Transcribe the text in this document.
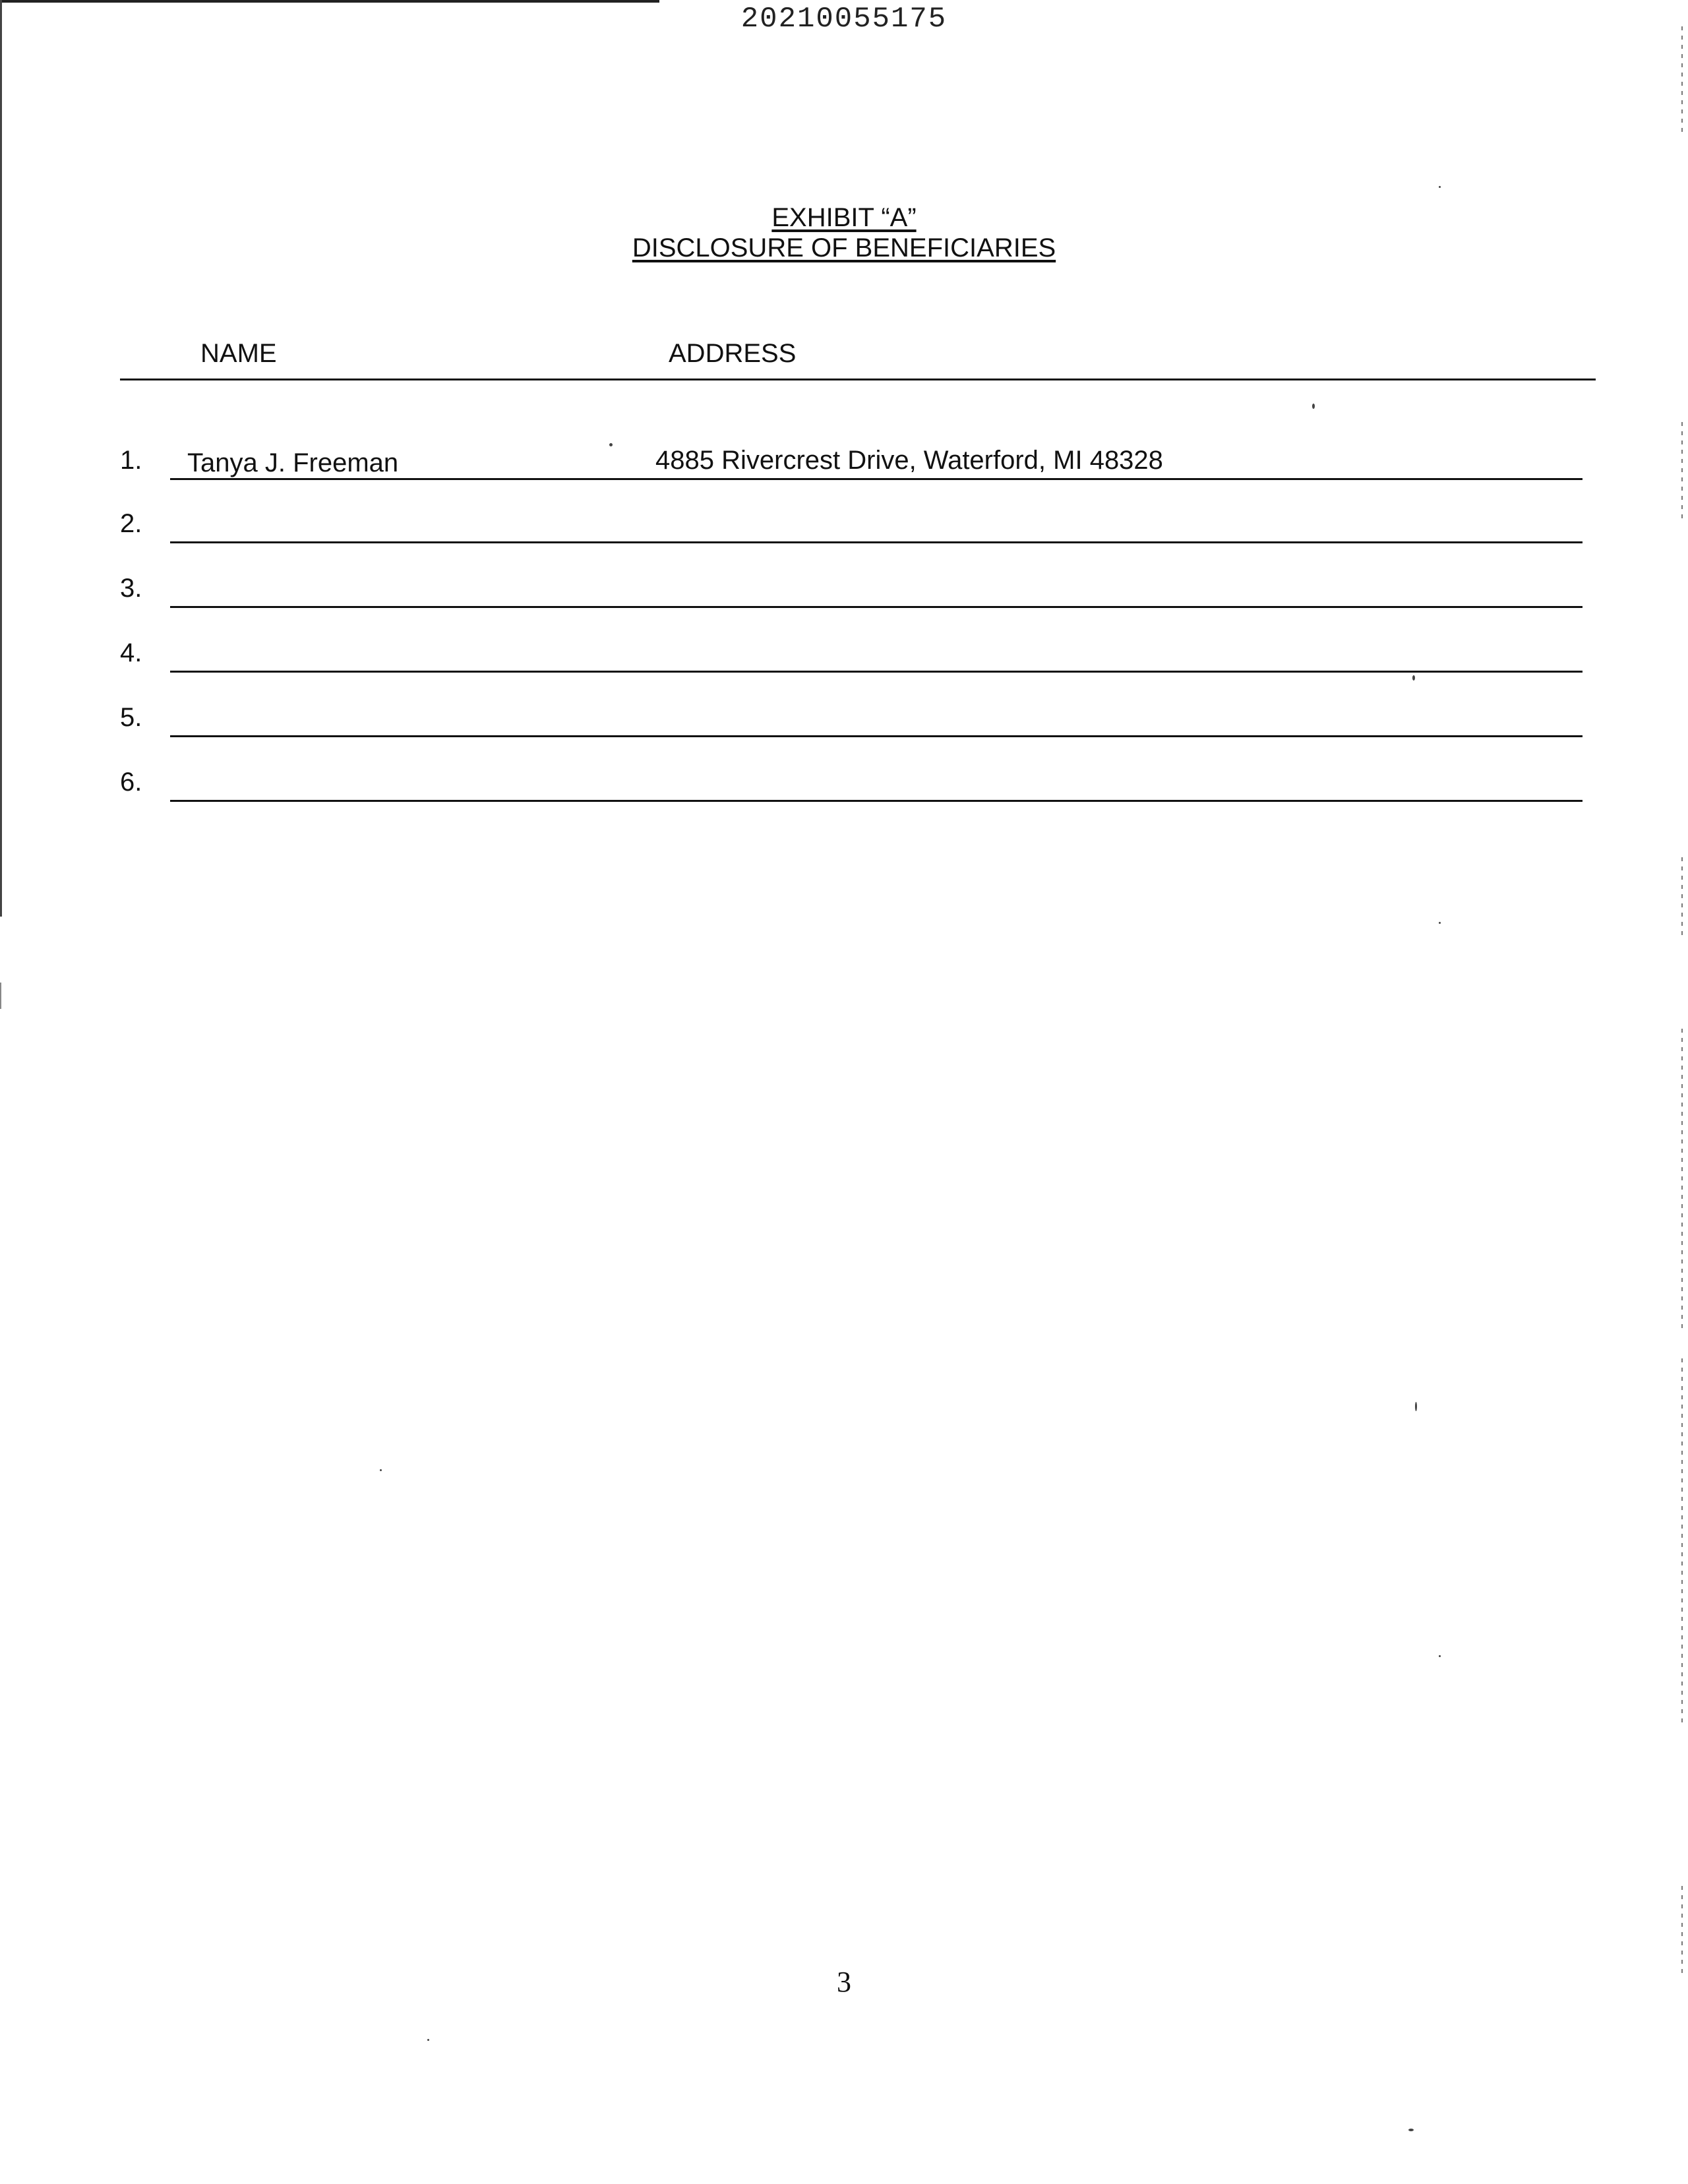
20210055175
EXHIBIT “A”
DISCLOSURE OF BENEFICIARIES
NAME	ADDRESS
1. Tanya J. Freeman	4885 Rivercrest Drive, Waterford, MI 48328
2.
3.
4.
5.
6.
3
